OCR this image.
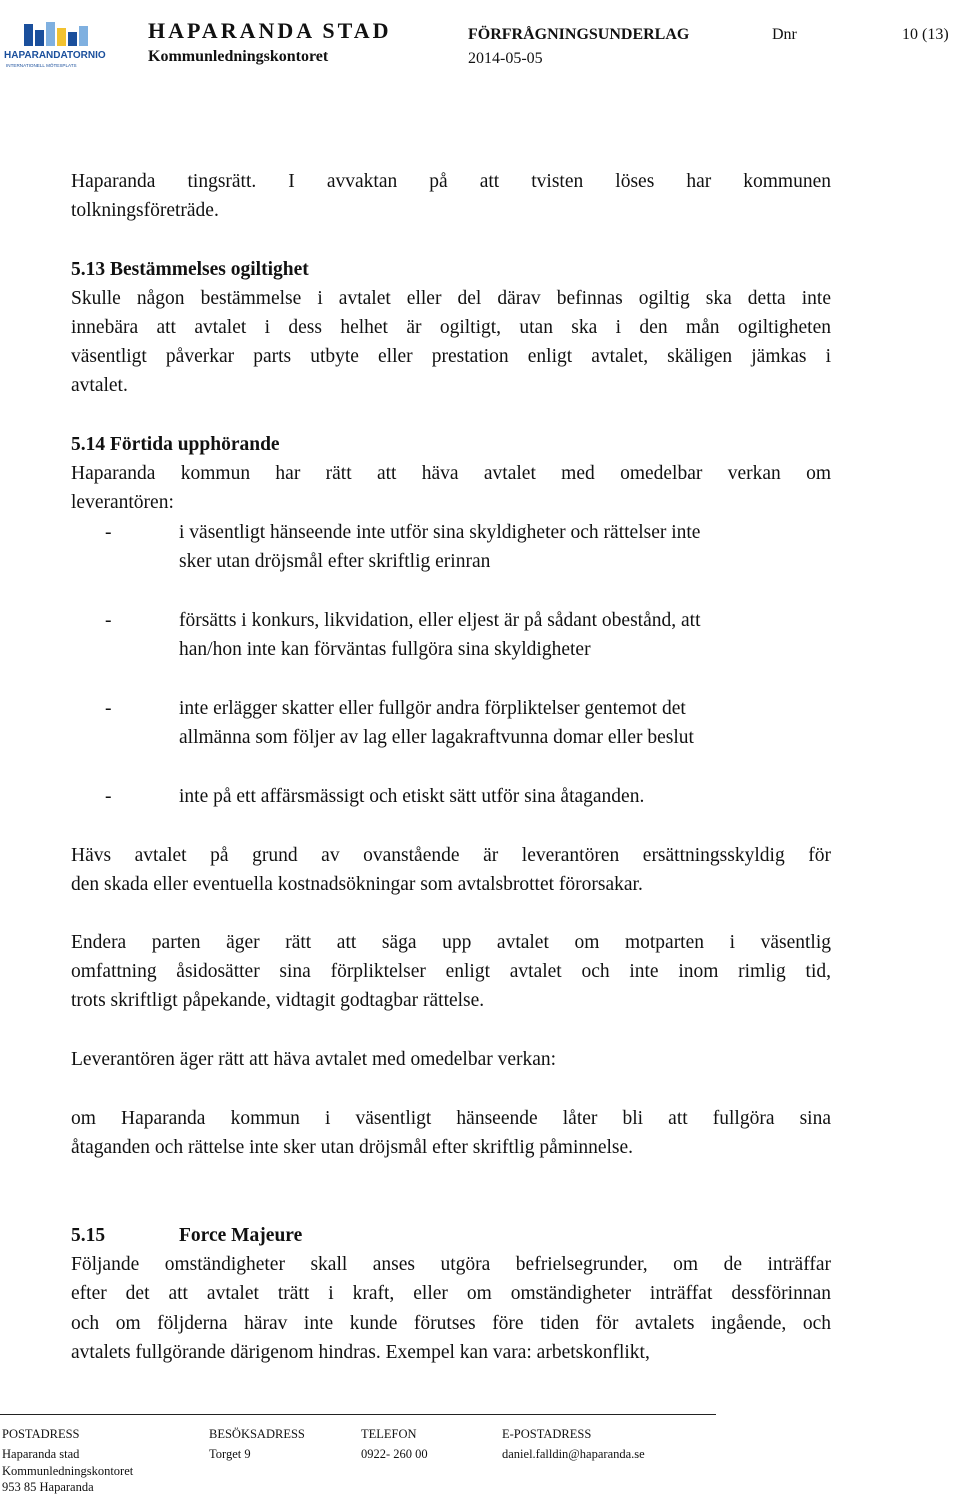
HAPARANDATORNIO
INTERNATIONELL MÖTESPLATS
HAPARANDA STAD
Kommunledningskontoret
FÖRFRÅGNINGSUNDERLAG
2014-05-05
Dnr	10 (13)
Haparanda tingsrätt. I avvaktan på att tvisten löses har kommunen
tolkningsföreträde.
5.13 Bestämmelses ogiltighet
Skulle någon bestämmelse i avtalet eller del därav befinnas ogiltig ska detta inte
innebära att avtalet i dess helhet är ogiltigt, utan ska i den mån ogiltigheten
väsentligt påverkar parts utbyte eller prestation enligt avtalet, skäligen jämkas i
avtalet.
5.14 Förtida upphörande
Haparanda kommun har rätt att häva avtalet med omedelbar verkan om
leverantören:
-	i väsentligt hänseende inte utför sina skyldigheter och rättelser inte
sker utan dröjsmål efter skriftlig erinran
-	försätts i konkurs, likvidation, eller eljest är på sådant obestånd, att
han/hon inte kan förväntas fullgöra sina skyldigheter
-	inte erlägger skatter eller fullgör andra förpliktelser gentemot det
allmänna som följer av lag eller lagakraftvunna domar eller beslut
-	inte på ett affärsmässigt och etiskt sätt utför sina åtaganden.
Hävs avtalet på grund av ovanstående är leverantören ersättningsskyldig för
den skada eller eventuella kostnadsökningar som avtalsbrottet förorsakar.
Endera parten äger rätt att säga upp avtalet om motparten i väsentlig
omfattning åsidosätter sina förpliktelser enligt avtalet och inte inom rimlig tid,
trots skriftligt påpekande, vidtagit godtagbar rättelse.
Leverantören äger rätt att häva avtalet med omedelbar verkan:
om Haparanda kommun i väsentligt hänseende låter bli att fullgöra sina
åtaganden och rättelse inte sker utan dröjsmål efter skriftlig påminnelse.
5.15	Force Majeure
Följande omständigheter skall anses utgöra befrielsegrunder, om de inträffar
efter det att avtalet trätt i kraft, eller om omständigheter inträffat dessförinnan
och om följderna härav inte kunde förutses före tiden för avtalets ingående, och
avtalets fullgörande därigenom hindras. Exempel kan vara: arbetskonflikt,
POSTADRESS	BESÖKSADRESS	TELEFON	E-POSTADRESS
Haparanda stad
Kommunledningskontoret
953 85 Haparanda
Torget 9	0922- 260 00	daniel.falldin@haparanda.se
